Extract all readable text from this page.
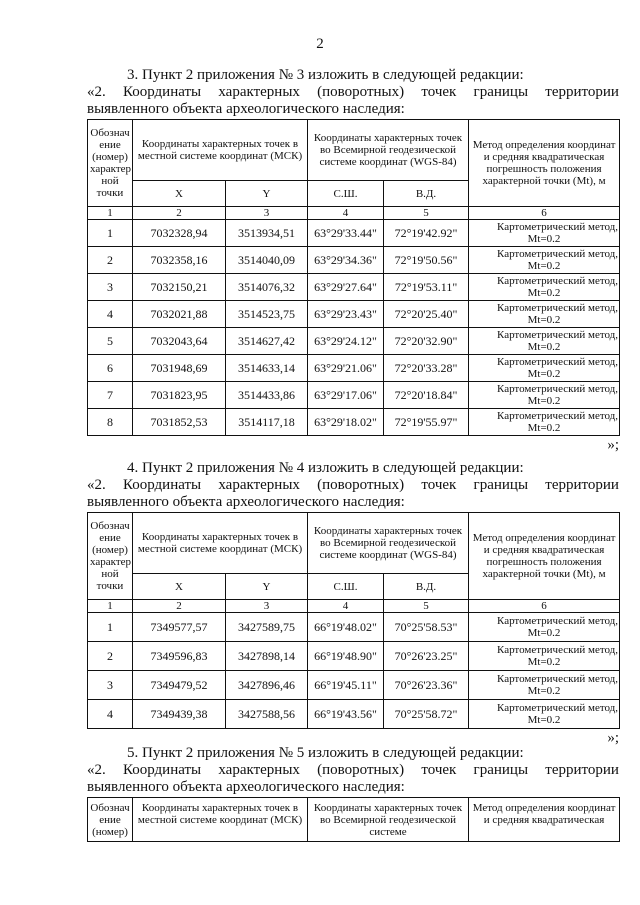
2
3. Пункт 2 приложения № 3 изложить в следующей редакции:
«2. Координаты характерных (поворотных) точек границы территории
выявленного объекта археологического наследия:
Обознач ение (номер) характер ной точки	Координаты характерных точек в местной системе координат (МСК)		Координаты характерных точек во Всемирной геодезической системе координат (WGS-84)		Метод определения координат и средняя квадратическая погрешность положения характерной точки (Mt), м
	X	Y	С.Ш.	В.Д.	
1	2	3	4	5	6
1	7032328,94	3513934,51	63°29'33.44"	72°19'42.92"	Картометрический метод,
Mt=0.2

2	7032358,16	3514040,09	63°29'34.36"	72°19'50.56"	Картометрический метод,
Mt=0.2

3	7032150,21	3514076,32	63°29'27.64"	72°19'53.11"	Картометрический метод,
Mt=0.2

4	7032021,88	3514523,75	63°29'23.43"	72°20'25.40"	Картометрический метод,
Mt=0.2

5	7032043,64	3514627,42	63°29'24.12"	72°20'32.90"	Картометрический метод,
Mt=0.2

6	7031948,69	3514633,14	63°29'21.06"	72°20'33.28"	Картометрический метод,
Mt=0.2

7	7031823,95	3514433,86	63°29'17.06"	72°20'18.84"	Картометрический метод,
Mt=0.2

8	7031852,53	3514117,18	63°29'18.02"	72°19'55.97"	Картометрический метод,
Mt=0.2
»;
4. Пункт 2 приложения № 4 изложить в следующей редакции:
«2. Координаты характерных (поворотных) точек границы территории
выявленного объекта археологического наследия:
Обознач ение (номер) характер ной точки	Координаты характерных точек в местной системе координат (МСК)		Координаты характерных точек во Всемирной геодезической системе координат (WGS-84)		Метод определения координат и средняя квадратическая погрешность положения характерной точки (Mt), м
	X	Y	С.Ш.	В.Д.	
1	2	3	4	5	6
1	7349577,57	3427589,75	66°19'48.02"	70°25'58.53"	Картометрический метод,
Mt=0.2

2	7349596,83	3427898,14	66°19'48.90"	70°26'23.25"	Картометрический метод,
Mt=0.2

3	7349479,52	3427896,46	66°19'45.11"	70°26'23.36"	Картометрический метод,
Mt=0.2

4	7349439,38	3427588,56	66°19'43.56"	70°25'58.72"	Картометрический метод,
Mt=0.2
»;
5. Пункт 2 приложения № 5 изложить в следующей редакции:
«2. Координаты характерных (поворотных) точек границы территории
выявленного объекта археологического наследия:
Обознач ение (номер)	Координаты характерных точек в местной системе координат (МСК)	Координаты характерных точек во Всемирной геодезической системе	Метод определения координат и средняя квадратическая
